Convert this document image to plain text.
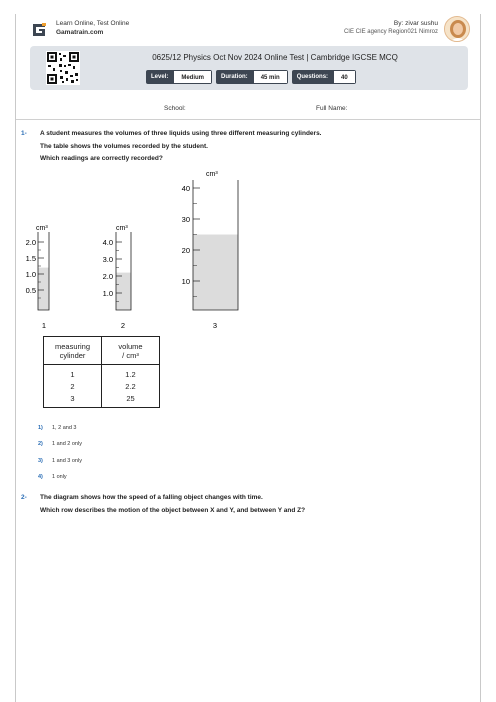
Learn Online, Test Online
Gamatrain.com
By: zivar sushu
CIE CIE agency Region021 Nimroz
0625/12 Physics Oct Nov 2024 Online Test | Cambridge IGCSE MCQ
Level:	Medium	Duration:	45 min	Questions:	40
School:	Full Name:
1- A student measures the volumes of three liquids using three different measuring cylinders.
The table shows the volumes recorded by the student.
Which readings are correctly recorded?
cm³
2.0
1.5
1.0
0.5
1
cm³
4.0
3.0
2.0
1.0
2
cm³
40
30
20
10
3
measuring
cylinder	volume
/ cm³
1	1.2
2	2.2
3	25
1) 1, 2 and 3
2) 1 and 2 only
3) 1 and 3 only
4) 1 only
2- The diagram shows how the speed of a falling object changes with time.
Which row describes the motion of the object between X and Y, and between Y and Z?
